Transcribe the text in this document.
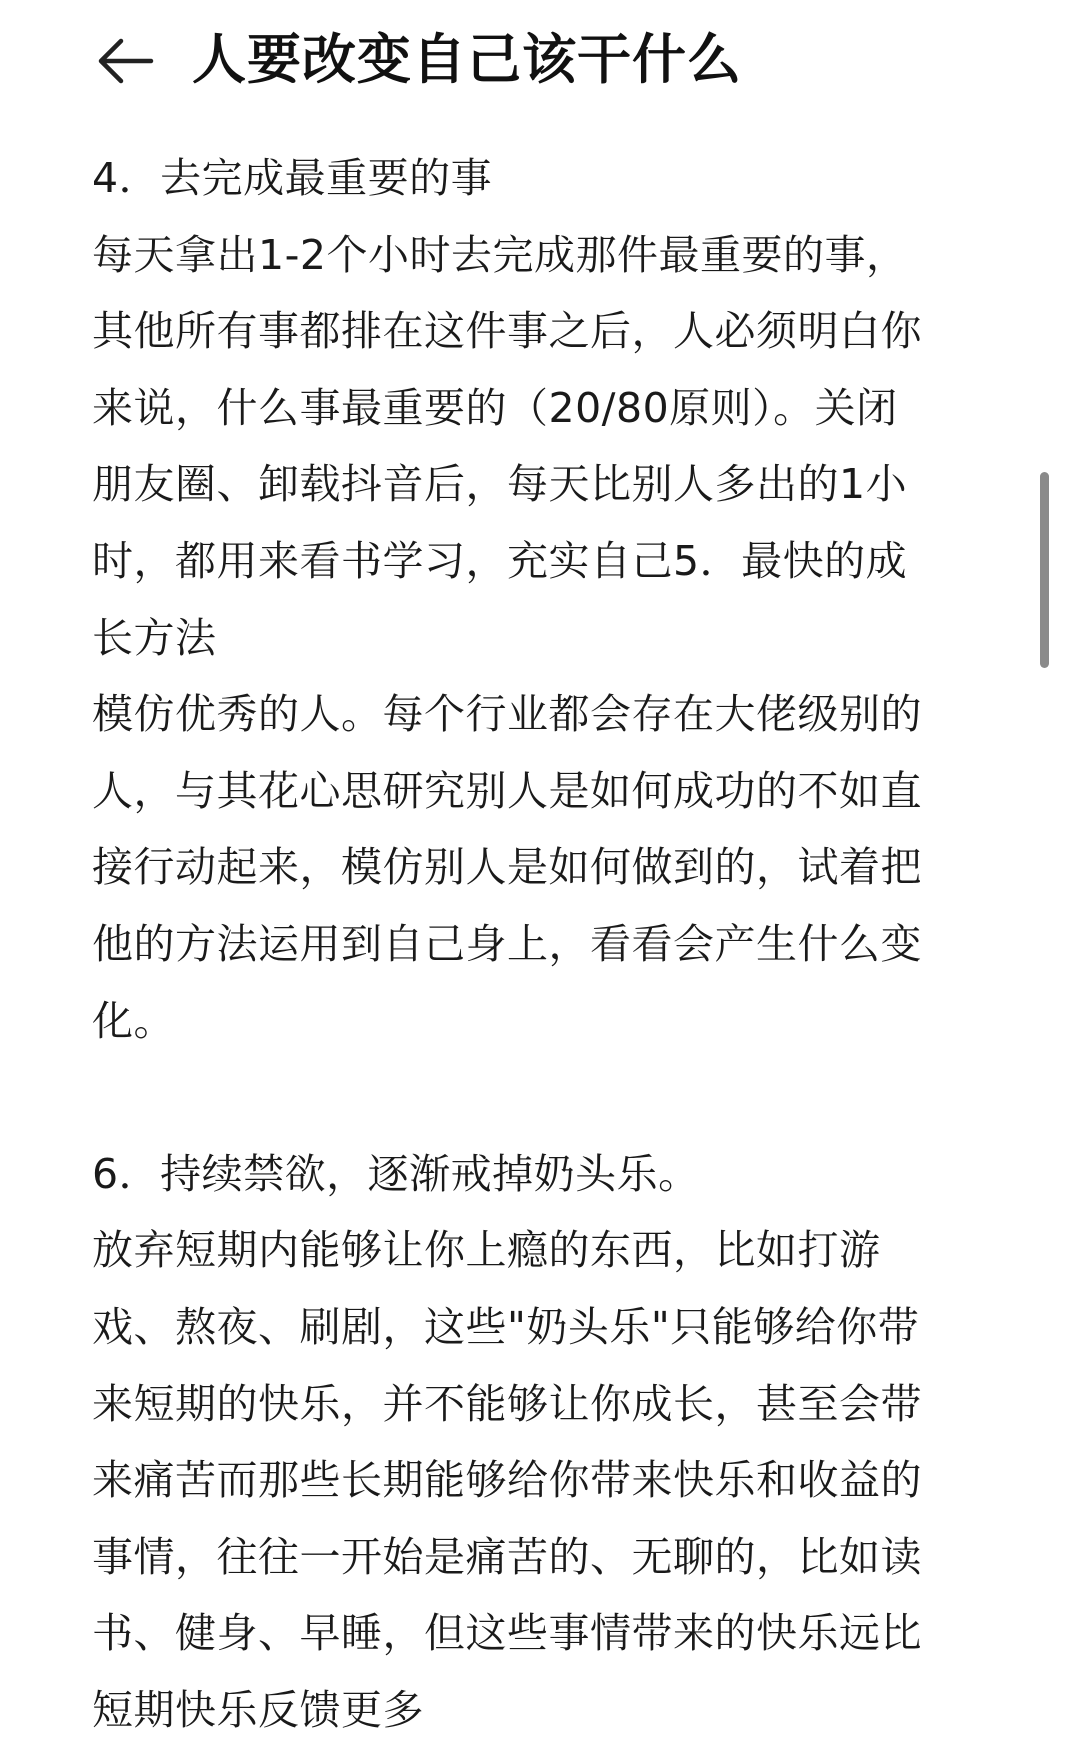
人要改变自己该干什么
4．去完成最重要的事
每天拿出1-2个小时去完成那件最重要的事，
其他所有事都排在这件事之后，人必须明白你
来说，什么事最重要的（20/80原则）。关闭
朋友圈、卸载抖音后，每天比别人多出的1小
时，都用来看书学习，充实自己5．最快的成
长方法
模仿优秀的人。每个行业都会存在大佬级别的
人，与其花心思研究别人是如何成功的不如直
接行动起来，模仿别人是如何做到的，试着把
他的方法运用到自己身上，看看会产生什么变
化。
6．持续禁欲，逐渐戒掉奶头乐。
放弃短期内能够让你上瘾的东西，比如打游
戏、熬夜、刷剧，这些"奶头乐"只能够给你带
来短期的快乐，并不能够让你成长，甚至会带
来痛苦而那些长期能够给你带来快乐和收益的
事情，往往一开始是痛苦的、无聊的，比如读
书、健身、早睡，但这些事情带来的快乐远比
短期快乐反馈更多
